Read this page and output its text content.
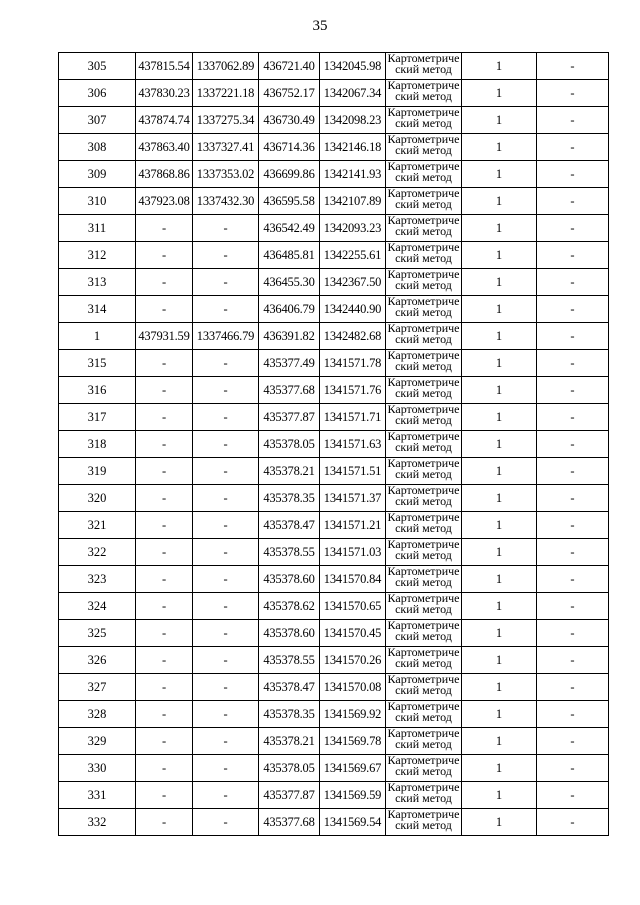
35
305	437815.54	1337062.89	436721.40	1342045.98	Картометрический метод	1	-
306	437830.23	1337221.18	436752.17	1342067.34	Картометрический метод	1	-
307	437874.74	1337275.34	436730.49	1342098.23	Картометрический метод	1	-
308	437863.40	1337327.41	436714.36	1342146.18	Картометрический метод	1	-
309	437868.86	1337353.02	436699.86	1342141.93	Картометрический метод	1	-
310	437923.08	1337432.30	436595.58	1342107.89	Картометрический метод	1	-
311	-	-	436542.49	1342093.23	Картометрический метод	1	-
312	-	-	436485.81	1342255.61	Картометрический метод	1	-
313	-	-	436455.30	1342367.50	Картометрический метод	1	-
314	-	-	436406.79	1342440.90	Картометрический метод	1	-
1	437931.59	1337466.79	436391.82	1342482.68	Картометрический метод	1	-
315	-	-	435377.49	1341571.78	Картометрический метод	1	-
316	-	-	435377.68	1341571.76	Картометрический метод	1	-
317	-	-	435377.87	1341571.71	Картометрический метод	1	-
318	-	-	435378.05	1341571.63	Картометрический метод	1	-
319	-	-	435378.21	1341571.51	Картометрический метод	1	-
320	-	-	435378.35	1341571.37	Картометрический метод	1	-
321	-	-	435378.47	1341571.21	Картометрический метод	1	-
322	-	-	435378.55	1341571.03	Картометрический метод	1	-
323	-	-	435378.60	1341570.84	Картометрический метод	1	-
324	-	-	435378.62	1341570.65	Картометрический метод	1	-
325	-	-	435378.60	1341570.45	Картометрический метод	1	-
326	-	-	435378.55	1341570.26	Картометрический метод	1	-
327	-	-	435378.47	1341570.08	Картометрический метод	1	-
328	-	-	435378.35	1341569.92	Картометрический метод	1	-
329	-	-	435378.21	1341569.78	Картометрический метод	1	-
330	-	-	435378.05	1341569.67	Картометрический метод	1	-
331	-	-	435377.87	1341569.59	Картометрический метод	1	-
332	-	-	435377.68	1341569.54	Картометрический метод	1	-
